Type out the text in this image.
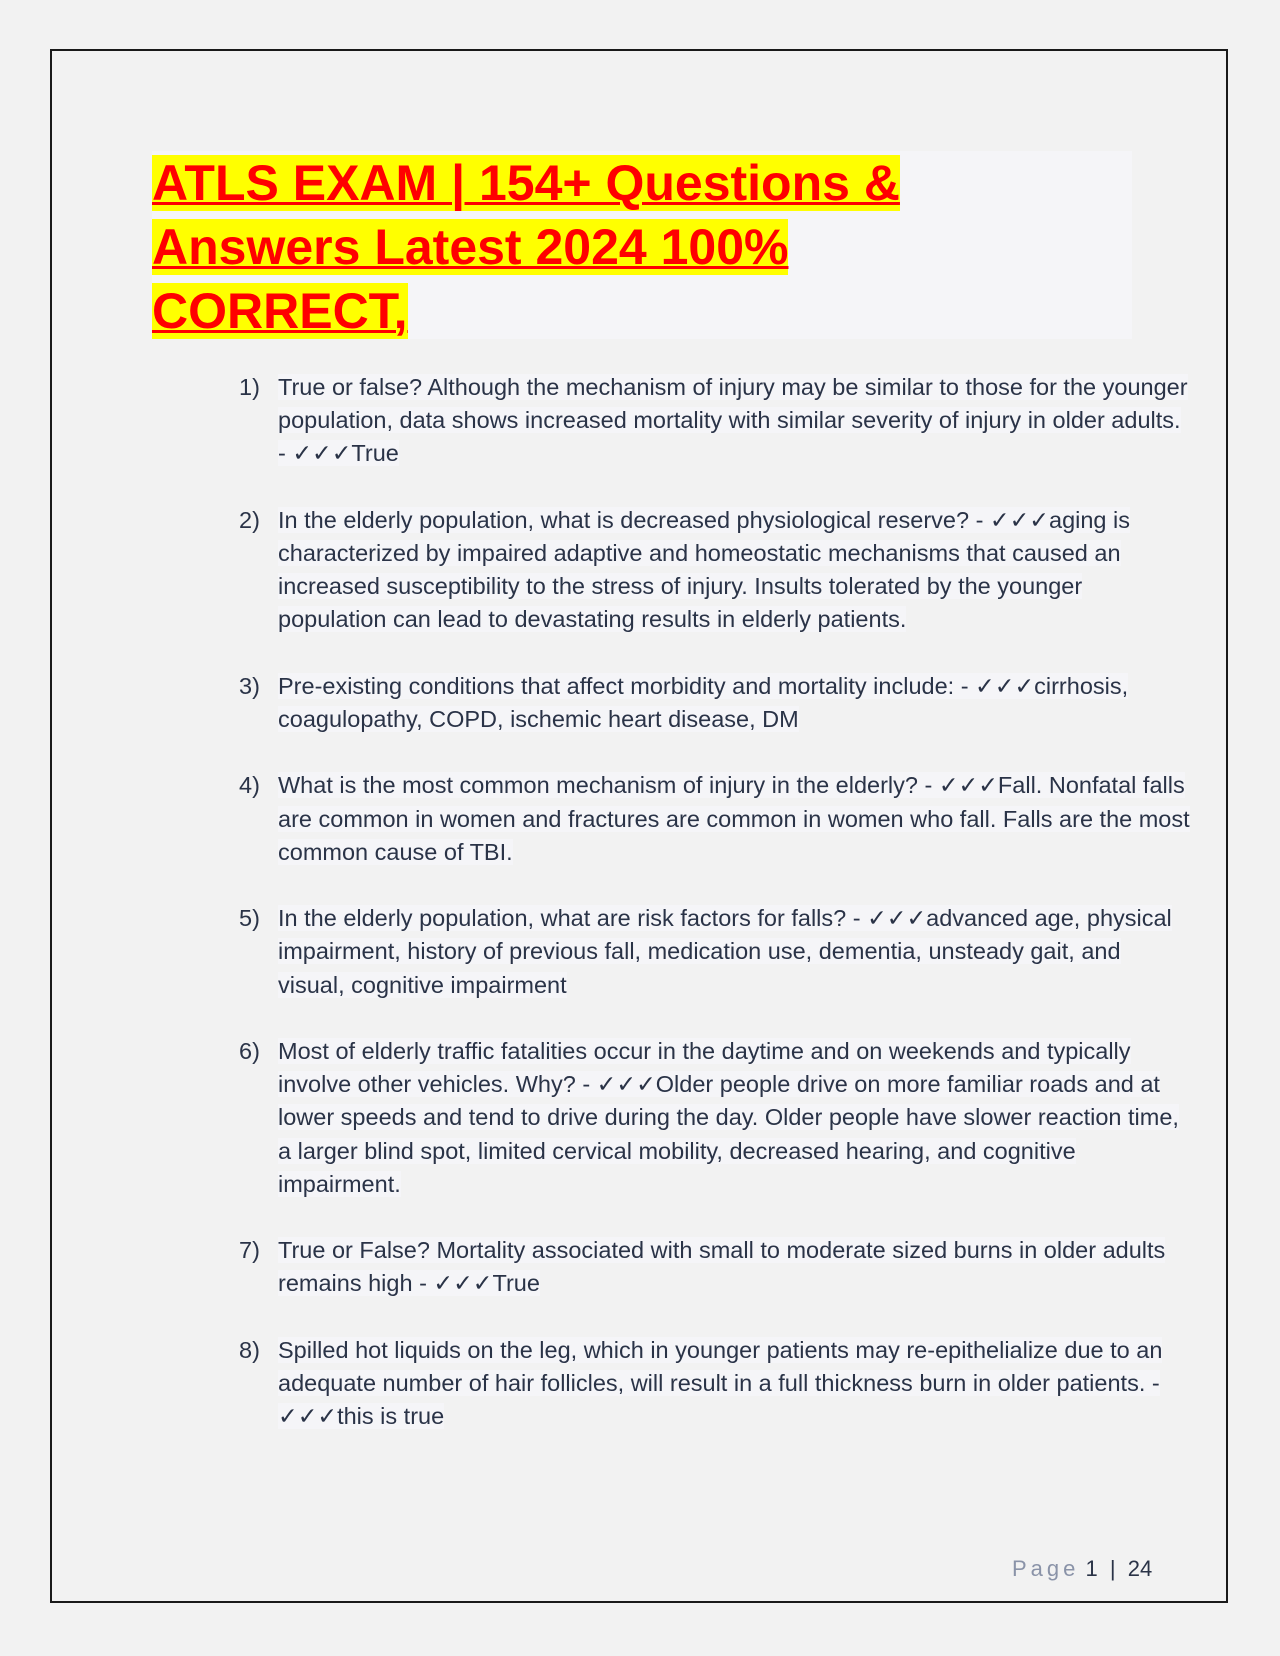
ATLS EXAM | 154+ Questions &
Answers Latest 2024 100%
CORRECT,
1) True or false? Although the mechanism of injury may be similar to those for the younger population, data shows increased mortality with similar severity of injury in older adults. - ✓✓✓True
2) In the elderly population, what is decreased physiological reserve? - ✓✓✓aging is characterized by impaired adaptive and homeostatic mechanisms that caused an increased susceptibility to the stress of injury. Insults tolerated by the younger population can lead to devastating results in elderly patients.
3) Pre-existing conditions that affect morbidity and mortality include: - ✓✓✓cirrhosis, coagulopathy, COPD, ischemic heart disease, DM
4) What is the most common mechanism of injury in the elderly? - ✓✓✓Fall. Nonfatal falls are common in women and fractures are common in women who fall. Falls are the most common cause of TBI.
5) In the elderly population, what are risk factors for falls? - ✓✓✓advanced age, physical impairment, history of previous fall, medication use, dementia, unsteady gait, and visual, cognitive impairment
6) Most of elderly traffic fatalities occur in the daytime and on weekends and typically involve other vehicles. Why? - ✓✓✓Older people drive on more familiar roads and at lower speeds and tend to drive during the day. Older people have slower reaction time, a larger blind spot, limited cervical mobility, decreased hearing, and cognitive impairment.
7) True or False? Mortality associated with small to moderate sized burns in older adults remains high - ✓✓✓True
8) Spilled hot liquids on the leg, which in younger patients may re-epithelialize due to an adequate number of hair follicles, will result in a full thickness burn in older patients. - ✓✓✓this is true
Page 1 | 24
